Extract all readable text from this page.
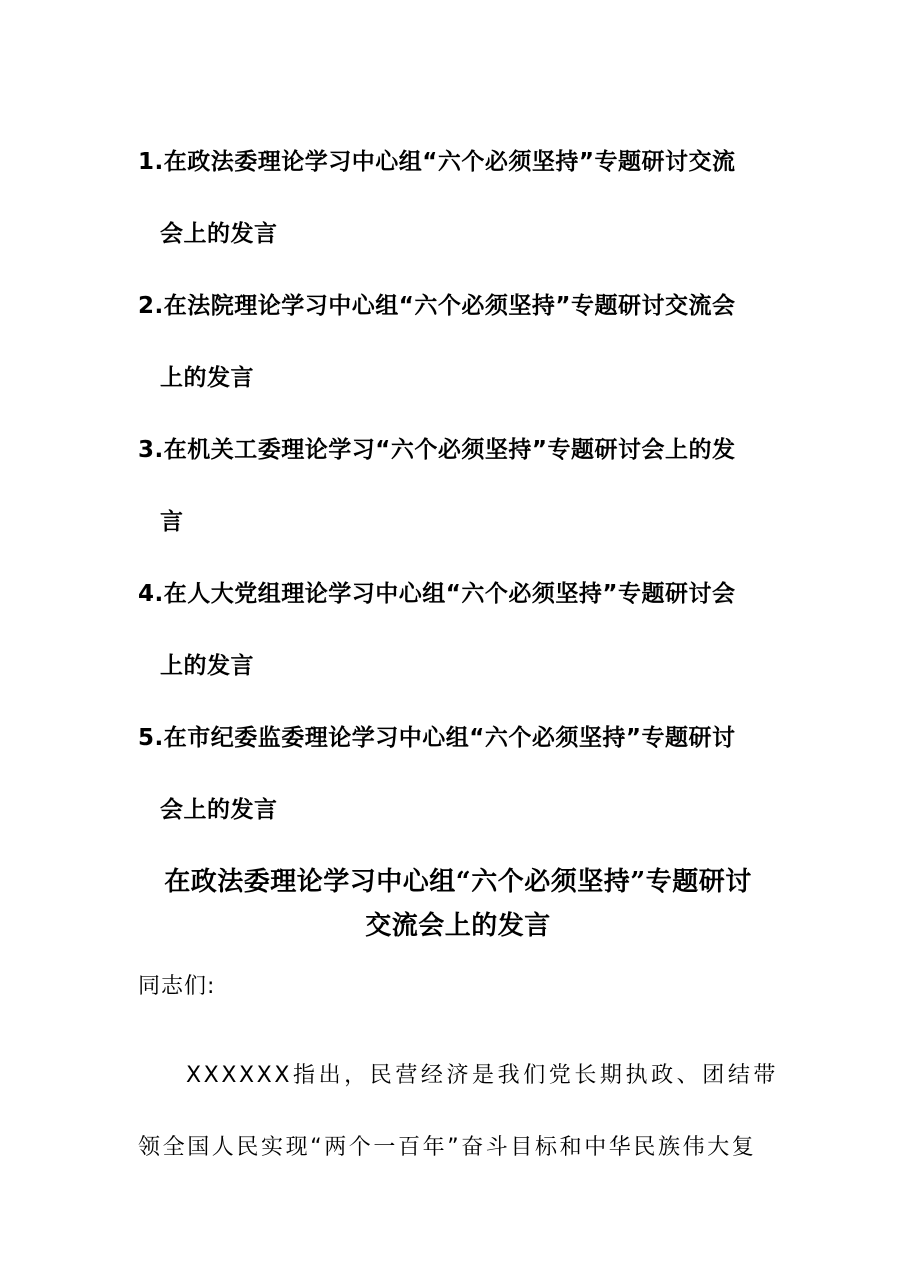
1.在政法委理论学习中心组“六个必须坚持”专题研讨交流
会上的发言
2.在法院理论学习中心组“六个必须坚持”专题研讨交流会
上的发言
3.在机关工委理论学习“六个必须坚持”专题研讨会上的发
言
4.在人大党组理论学习中心组“六个必须坚持”专题研讨会
上的发言
5.在市纪委监委理论学习中心组“六个必须坚持”专题研讨
会上的发言
在政法委理论学习中心组“六个必须坚持”专题研讨
交流会上的发言
同志们:
XXXXXX指出，民营经济是我们党长期执政、团结带领全国人民实现“两个一百年”奋斗目标和中华民族伟大复
